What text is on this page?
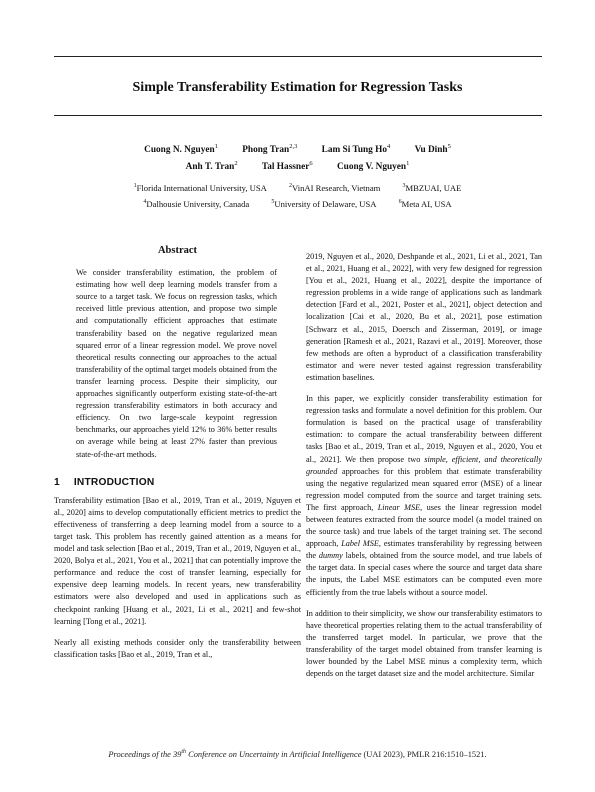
Simple Transferability Estimation for Regression Tasks
Cuong N. Nguyen$^1$	Phong Tran$^{2,3}$	Lam Si Tung Ho$^4$	Vu Dinh$^5$
Anh T. Tran$^2$	Tal Hassner$^6$	Cuong V. Nguyen$^1$
$^1$Florida International University, USA	$^2$VinAI Research, Vietnam	$^3$MBZUAI, UAE
$^4$Dalhousie University, Canada	$^5$University of Delaware, USA	$^6$Meta AI, USA
Abstract

We consider transferability estimation, the problem of estimating how well deep learning models transfer from a source to a target task. We focus on regression tasks, which received little previous attention, and propose two simple and computationally efficient approaches that estimate transferability based on the negative regularized mean squared error of a linear regression model. We prove novel theoretical results connecting our approaches to the actual transferability of the optimal target models obtained from the transfer learning process. Despite their simplicity, our approaches significantly outperform existing state-of-the-art regression transferability estimators in both accuracy and efficiency. On two large-scale keypoint regression benchmarks, our approaches yield 12% to 36% better results on average while being at least 27% faster than previous state-of-the-art methods.

1 INTRODUCTION

Transferability estimation [Bao et al., 2019, Tran et al., 2019, Nguyen et al., 2020] aims to develop computationally efficient metrics to predict the effectiveness of transferring a deep learning model from a source to a target task. This problem has recently gained attention as a means for model and task selection [Bao et al., 2019, Tran et al., 2019, Nguyen et al., 2020, Bolya et al., 2021, You et al., 2021] that can potentially improve the performance and reduce the cost of transfer learning, especially for expensive deep learning models. In recent years, new transferability estimators were also developed and used in applications such as checkpoint ranking [Huang et al., 2021, Li et al., 2021] and few-shot learning [Tong et al., 2021].

Nearly all existing methods consider only the transferability between classification tasks [Bao et al., 2019, Tran et al.,

2019, Nguyen et al., 2020, Deshpande et al., 2021, Li et al., 2021, Tan et al., 2021, Huang et al., 2022], with very few designed for regression [You et al., 2021, Huang et al., 2022], despite the importance of regression problems in a wide range of applications such as landmark detection [Fard et al., 2021, Poster et al., 2021], object detection and localization [Cai et al., 2020, Bu et al., 2021], pose estimation [Schwarz et al., 2015, Doersch and Zisserman, 2019], or image generation [Ramesh et al., 2021, Razavi et al., 2019]. Moreover, those few methods are often a byproduct of a classification transferability estimator and were never tested against regression transferability estimation baselines.

In this paper, we explicitly consider transferability estimation for regression tasks and formulate a novel definition for this problem. Our formulation is based on the practical usage of transferability estimation: to compare the actual transferability between different tasks [Bao et al., 2019, Tran et al., 2019, Nguyen et al., 2020, You et al., 2021]. We then propose two simple, efficient, and theoretically grounded approaches for this problem that estimate transferability using the negative regularized mean squared error (MSE) of a linear regression model computed from the source and target training sets. The first approach, Linear MSE, uses the linear regression model between features extracted from the source model (a model trained on the source task) and true labels of the target training set. The second approach, Label MSE, estimates transferability by regressing between the dummy labels, obtained from the source model, and true labels of the target data. In special cases where the source and target data share the inputs, the Label MSE estimators can be computed even more efficiently from the true labels without a source model.

In addition to their simplicity, we show our transferability estimators to have theoretical properties relating them to the actual transferability of the transferred target model. In particular, we prove that the transferability of the target model obtained from transfer learning is lower bounded by the Label MSE minus a complexity term, which depends on the target dataset size and the model architecture. Similar

Proceedings of the 39th Conference on Uncertainty in Artificial Intelligence (UAI 2023), PMLR 216:1510–1521.
